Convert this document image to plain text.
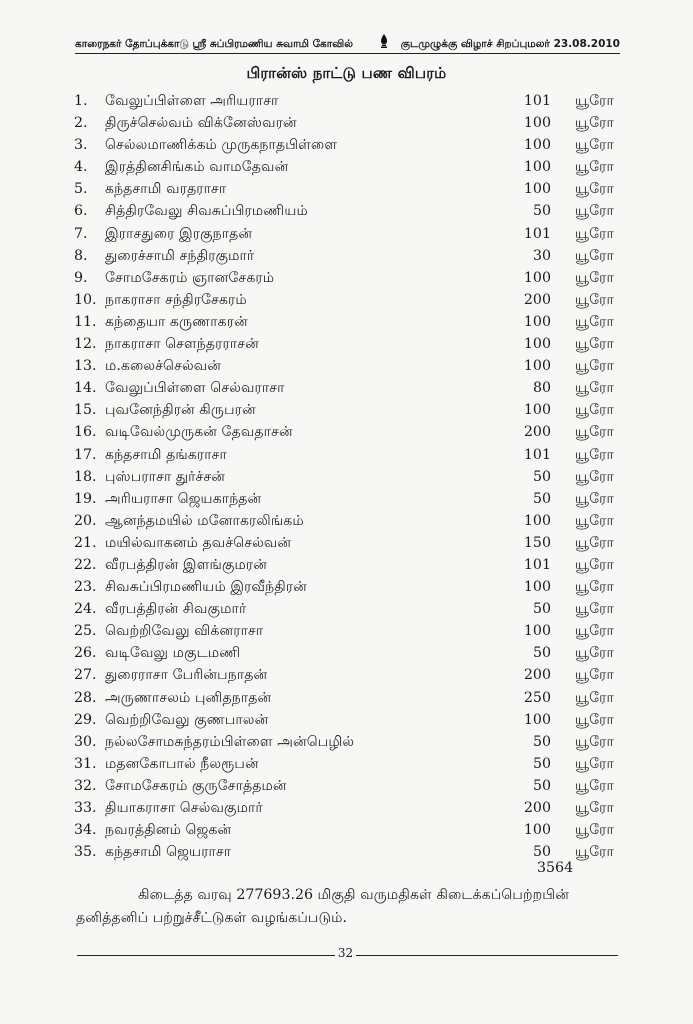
காரைநகர் தோப்புக்காடு ஸ்ரீ சுப்பிரமணிய சுவாமி கோவில்	குடமுழுக்கு விழாச் சிறப்புமலர் 23.08.2010
பிரான்ஸ் நாட்டு பண விபரம்
1. வேலுப்பிள்ளை அரியராசா	101 யூரோ
2. திருச்செல்வம் விக்னேஸ்வரன்	100 யூரோ
3. செல்லமாணிக்கம் முருகநாதபிள்ளை	100 யூரோ
4. இரத்தினசிங்கம் வாமதேவன்	100 யூரோ
5. கந்தசாமி வரதராசா	100 யூரோ
6. சித்திரவேலு சிவசுப்பிரமணியம்	50 யூரோ
7. இராசதுரை இரகுநாதன்	101 யூரோ
8. துரைச்சாமி சந்திரகுமார்	30 யூரோ
9. சோமசேகரம் ஞானசேகரம்	100 யூரோ
10. நாகராசா சந்திரசேகரம்	200 யூரோ
11. கந்தையா கருணாகரன்	100 யூரோ
12. நாகராசா சௌந்தரராசன்	100 யூரோ
13. ம.கலைச்செல்வன்	100 யூரோ
14. வேலுப்பிள்ளை செல்வராசா	80 யூரோ
15. புவனேந்திரன் கிருபரன்	100 யூரோ
16. வடிவேல்முருகன் தேவதாசன்	200 யூரோ
17. கந்தசாமி தங்கராசா	101 யூரோ
18. புஸ்பராசா துர்ச்சன்	50 யூரோ
19. அரியராசா ஜெயகாந்தன்	50 யூரோ
20. ஆனந்தமயில் மனோகரலிங்கம்	100 யூரோ
21. மயில்வாகனம் தவச்செல்வன்	150 யூரோ
22. வீரபத்திரன் இளங்குமரன்	101 யூரோ
23. சிவசுப்பிரமணியம் இரவீந்திரன்	100 யூரோ
24. வீரபத்திரன் சிவகுமார்	50 யூரோ
25. வெற்றிவேலு விக்னராசா	100 யூரோ
26. வடிவேலு மகுடமணி	50 யூரோ
27. துரைராசா பேரின்பநாதன்	200 யூரோ
28. அருணாசலம் புனிதநாதன்	250 யூரோ
29. வெற்றிவேலு குணபாலன்	100 யூரோ
30. நல்லசோமசுந்தரம்பிள்ளை அன்பெழில்	50 யூரோ
31. மதனகோபால் நீலரூபன்	50 யூரோ
32. சோமசேகரம் குருசோத்தமன்	50 யூரோ
33. தியாகராசா செல்வகுமார்	200 யூரோ
34. நவரத்தினம் ஜெகன்	100 யூரோ
35. கந்தசாமி ஜெயராசா	50 யூரோ
3564
கிடைத்த வரவு 277693.26 மிகுதி வருமதிகள் கிடைக்கப்பெற்றபின்
தனித்தனிப் பற்றுச்சீட்டுகள் வழங்கப்படும்.
32
